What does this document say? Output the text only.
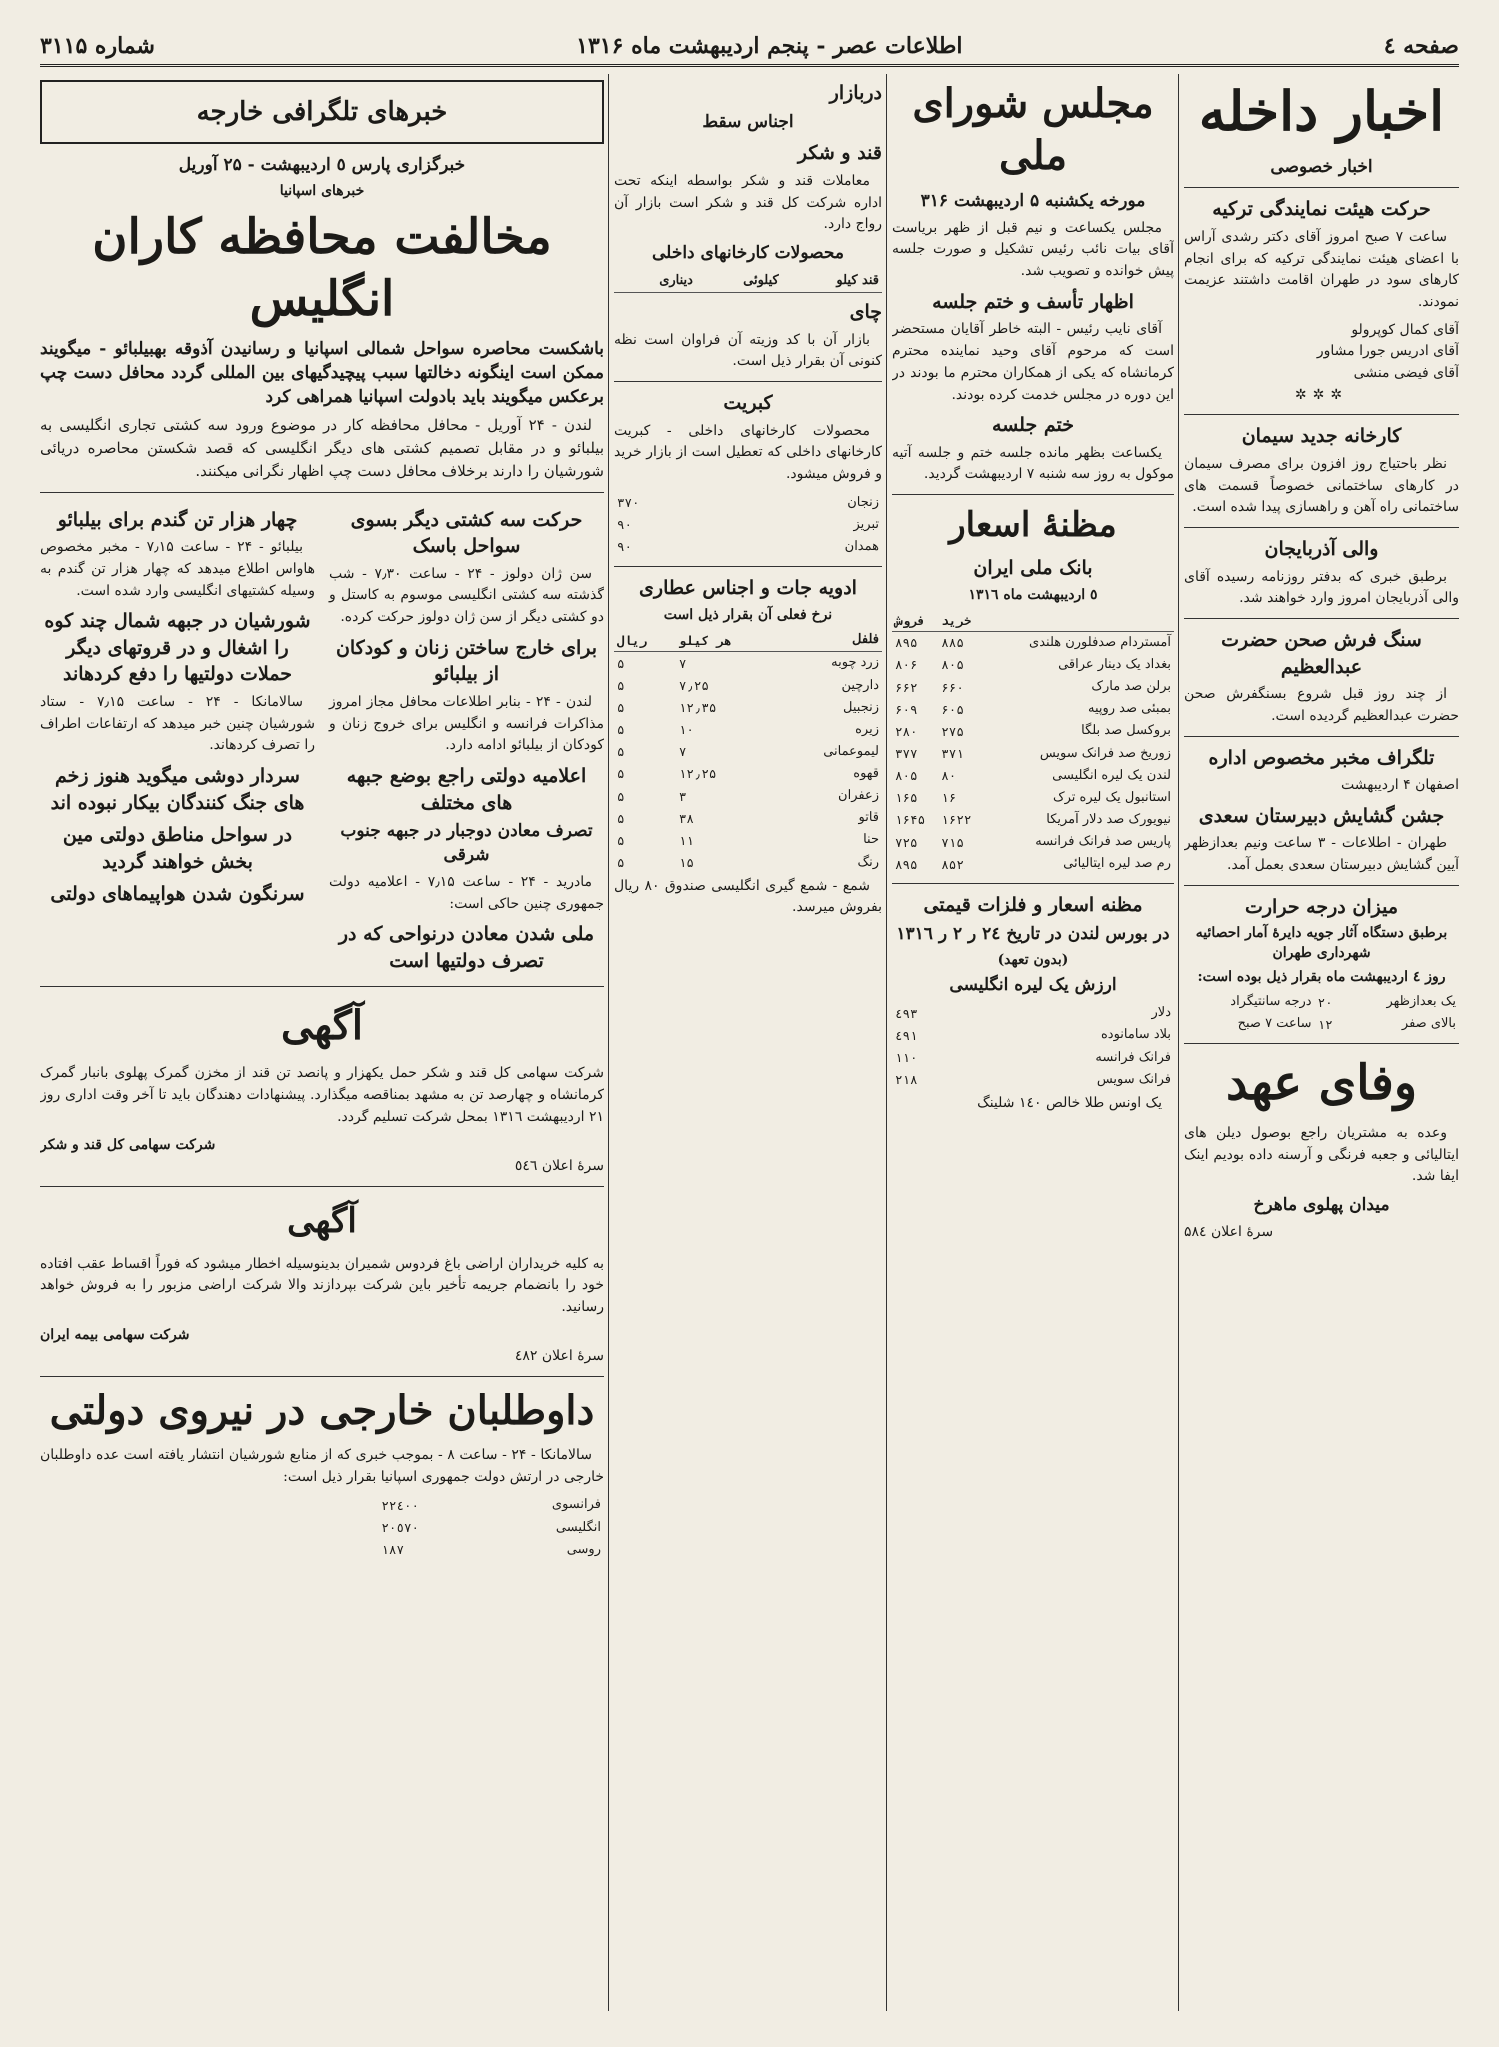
صفحه ٤
اطلاعات عصر - پنجم اردیبهشت ماه ۱۳۱۶
شماره ۳۱۱۵
اخبار داخله
اخبار خصوصی
حرکت هیئت نمایندگی ترکیه

ساعت ۷ صبح امروز آقای دکتر رشدی آراس با اعضای هیئت نمایندگی ترکیه که برای انجام کارهای سود در طهران اقامت داشتند عزیمت نمودند.

آقای کمال کوپرولو
آقای ادریس جورا مشاور
آقای فیضی منشی
✲✲✲
کارخانه جدید سیمان

نظر باحتیاج روز افزون برای مصرف سیمان در کارهای ساختمانی خصوصاً قسمت های ساختمانی راه آهن و راهسازی پیدا شده است.

والی آذربایجان

برطبق خبری که بدفتر روزنامه رسیده آقای والی آذربایجان امروز وارد خواهند شد.

سنگ فرش صحن حضرت عبدالعظیم

از چند روز قبل شروع بسنگفرش صحن حضرت عبدالعظیم گردیده است.

تلگراف مخبر مخصوص اداره
اصفهان ۴ اردیبهشت
جشن گشایش دبیرستان سعدی

طهران - اطلاعات - ۳ ساعت ونیم بعدازظهر آیین گشایش دبیرستان سعدی بعمل آمد.

میزان درجه حرارت
برطبق دستگاه آثار جویه دایرهٔ آمار احصائیه شهرداری طهران
روز ٤ اردیبهشت ماه بقرار ذیل بوده است:
یک بعدازظهر	۲۰	درجه سانتیگراد
بالای صفر	۱۲	ساعت ۷ صبح
وفای عهد

وعده به مشتریان راجع بوصول دیلن های ایتالیائی و جعبه فرنگی و آرسنه داده بودیم اینک ایفا شد.

میدان پهلوی ماهرخ
سرهٔ اعلان ۵۸٤
مجلس شورای ملی
مورخه یکشنبه ۵ اردیبهشت ۳۱۶

مجلس یکساعت و نیم قبل از ظهر بریاست آقای بیات نائب رئیس تشکیل و صورت جلسه پیش خوانده و تصویب شد.

اظهار تأسف و ختم جلسه

آقای نایب رئیس - البته خاطر آقایان مستحضر است که مرحوم آقای وحید نماینده محترم کرمانشاه که یکی از همکاران محترم ما بودند در این دوره در مجلس خدمت کرده بودند.

ختم جلسه

یکساعت بظهر مانده جلسه ختم و جلسه آتیه موکول به روز سه شنبه ۷ اردیبهشت گردید.

مظنهٔ اسعار
بانک ملی ایران
٥ اردیبهشت ماه ۱۳۱٦
	خرید	فروش
آمستردام صدفلورن هلندی	۸۸۵	۸۹۵
بغداد یک دینار عراقی	۸۰۵	۸۰۶
برلن صد مارک	۶۶۰	۶۶۲
بمبئی صد روپیه	۶۰۵	۶۰۹
بروکسل صد بلگا	۲۷۵	۲۸۰
زوریخ صد فرانک سویس	۳۷۱	۳۷۷
لندن یک لیره انگلیسی	۸۰	۸۰۵
استانبول یک لیره ترک	۱۶	۱۶۵
نیویورک صد دلار آمریکا	۱۶۲۲	۱۶۴۵
پاریس صد فرانک فرانسه	۷۱۵	۷۲۵
رم صد لیره ایتالیائی	۸۵۲	۸۹۵
مظنه اسعار و فلزات قیمتی
در بورس لندن در تاریخ ۲٤ ر ۲ ر ۱۳۱٦
(بدون تعهد)
ارزش یک لیره انگلیسی
دلار	٤۹۳
بلاد سامانوده	٤۹۱
فرانک فرانسه	۱۱۰
فرانک سویس	۲۱۸

یک اونس طلا خالص ۱٤۰ شلینگ

دربازار
اجناس سقط
قند و شکر

معاملات قند و شکر بواسطه اینکه تحت اداره شرکت کل قند و شکر است بازار آن رواج دارد.

محصولات کارخانهای داخلی
قند کیلو	کیلوئی	دیناری
چای

بازار آن با کد وزیته آن فراوان است نظه کنونی آن بقرار ذیل است.

کبریت

محصولات کارخانهای داخلی - کبریت کارخانهای داخلی که تعطیل است از بازار خرید و فروش میشود.

زنجان	۳۷۰
تبریز	۹۰
همدان	۹۰
ادویه جات و اجناس عطاری
نرخ فعلی آن بقرار ذیل است
فلفل	هر کیلو	ریال
زرد چوبه	۷	۵
دارچین	۷٫۲۵	۵
زنجبیل	۱۲٫۳۵	۵
زیره	۱۰	۵
لیموعمانی	۷	۵
قهوه	۱۲٫۲۵	۵
زعفران	۳	۵
قاتو	۳۸	۵
حنا	۱۱	۵
رنگ	۱۵	۵

شمع - شمع گیری انگلیسی صندوق ۸۰ ریال بفروش میرسد.

خبرهای تلگرافی خارجه
خبرگزاری پارس ٥ اردیبهشت - ۲۵ آوریل
خبرهای اسپانیا
مخالفت محافظه کاران انگلیس
باشکست محاصره سواحل شمالی اسپانیا و رسانیدن آذوقه بهبیلبائو - میگویند ممکن است اینگونه دخالتها سبب پیچیدگیهای بین المللی گردد محافل دست چپ برعکس میگویند باید بادولت اسپانیا همراهی کرد

لندن - ۲۴ آوریل - محافل محافظه کار در موضوع ورود سه کشتی تجاری انگلیسی به بیلبائو و در مقابل تصمیم کشتی های دیگر انگلیسی که قصد شکستن محاصره دریائی شورشیان را دارند برخلاف محافل دست چپ اظهار نگرانی میکنند.

حرکت سه کشتی دیگر بسوی سواحل باسک

سن ژان دولوز - ۲۴ - ساعت ۷٫۳۰ - شب گذشته سه کشتی انگلیسی موسوم به کاستل و دو کشتی دیگر از سن ژان دولوز حرکت کرده.

برای خارج ساختن زنان و کودکان از بیلبائو

لندن - ۲۴ - بنابر اطلاعات محافل مجاز امروز مذاکرات فرانسه و انگلیس برای خروج زنان و کودکان از بیلبائو ادامه دارد.

اعلامیه دولتی راجع بوضع جبهه های مختلف
تصرف معادن دوجبار در جبهه جنوب شرقی

مادرید - ۲۴ - ساعت ۷٫۱۵ - اعلامیه دولت جمهوری چنین حاکی است:

ملی شدن معادن درنواحی که در تصرف دولتیها است
چهار هزار تن گندم برای بیلبائو

بیلبائو - ۲۴ - ساعت ۷٫۱۵ - مخبر مخصوص هاواس اطلاع میدهد که چهار هزار تن گندم به وسیله کشتیهای انگلیسی وارد شده است.

شورشیان در جبهه شمال چند کوه را اشغال و در قروتهای دیگر حملات دولتیها را دفع کردهاند

سالامانکا - ۲۴ - ساعت ۷٫۱۵ - ستاد شورشیان چنین خبر میدهد که ارتفاعات اطراف را تصرف کردهاند.

سردار دوشی میگوید هنوز زخم های جنگ کنندگان بیکار نبوده اند
در سواحل مناطق دولتی مین بخش خواهند گردید
سرنگون شدن هواپیماهای دولتی
آگهی
شرکت سهامی کل قند و شکر حمل یکهزار و پانصد تن قند از مخزن گمرک پهلوی بانبار گمرک کرمانشاه و چهارصد تن به مشهد بمناقصه میگذارد. پیشنهادات دهندگان باید تا آخر وقت اداری روز ۲۱ اردیبهشت ۱۳۱٦ بمحل شرکت تسلیم گردد.
شرکت سهامی کل قند و شکر
سرهٔ اعلان ٥٤٦
آگهی
به کلیه خریداران اراضی باغ فردوس شمیران بدینوسیله اخطار میشود که فوراً اقساط عقب افتاده خود را بانضمام جریمه تأخیر باین شرکت بپردازند والا شرکت اراضی مزبور را به فروش خواهد رسانید.
شرکت سهامی بیمه ایران
سرهٔ اعلان ٤۸۲
داوطلبان خارجی در نیروی دولتی

سالامانکا - ۲۴ - ساعت ۸ - بموجب خبری که از منابع شورشیان انتشار یافته است عده داوطلبان خارجی در ارتش دولت جمهوری اسپانیا بقرار ذیل است:

فرانسوی	۲۲٤۰۰
انگلیسی	۲۰٥۷۰
روسی	۱۸۷
